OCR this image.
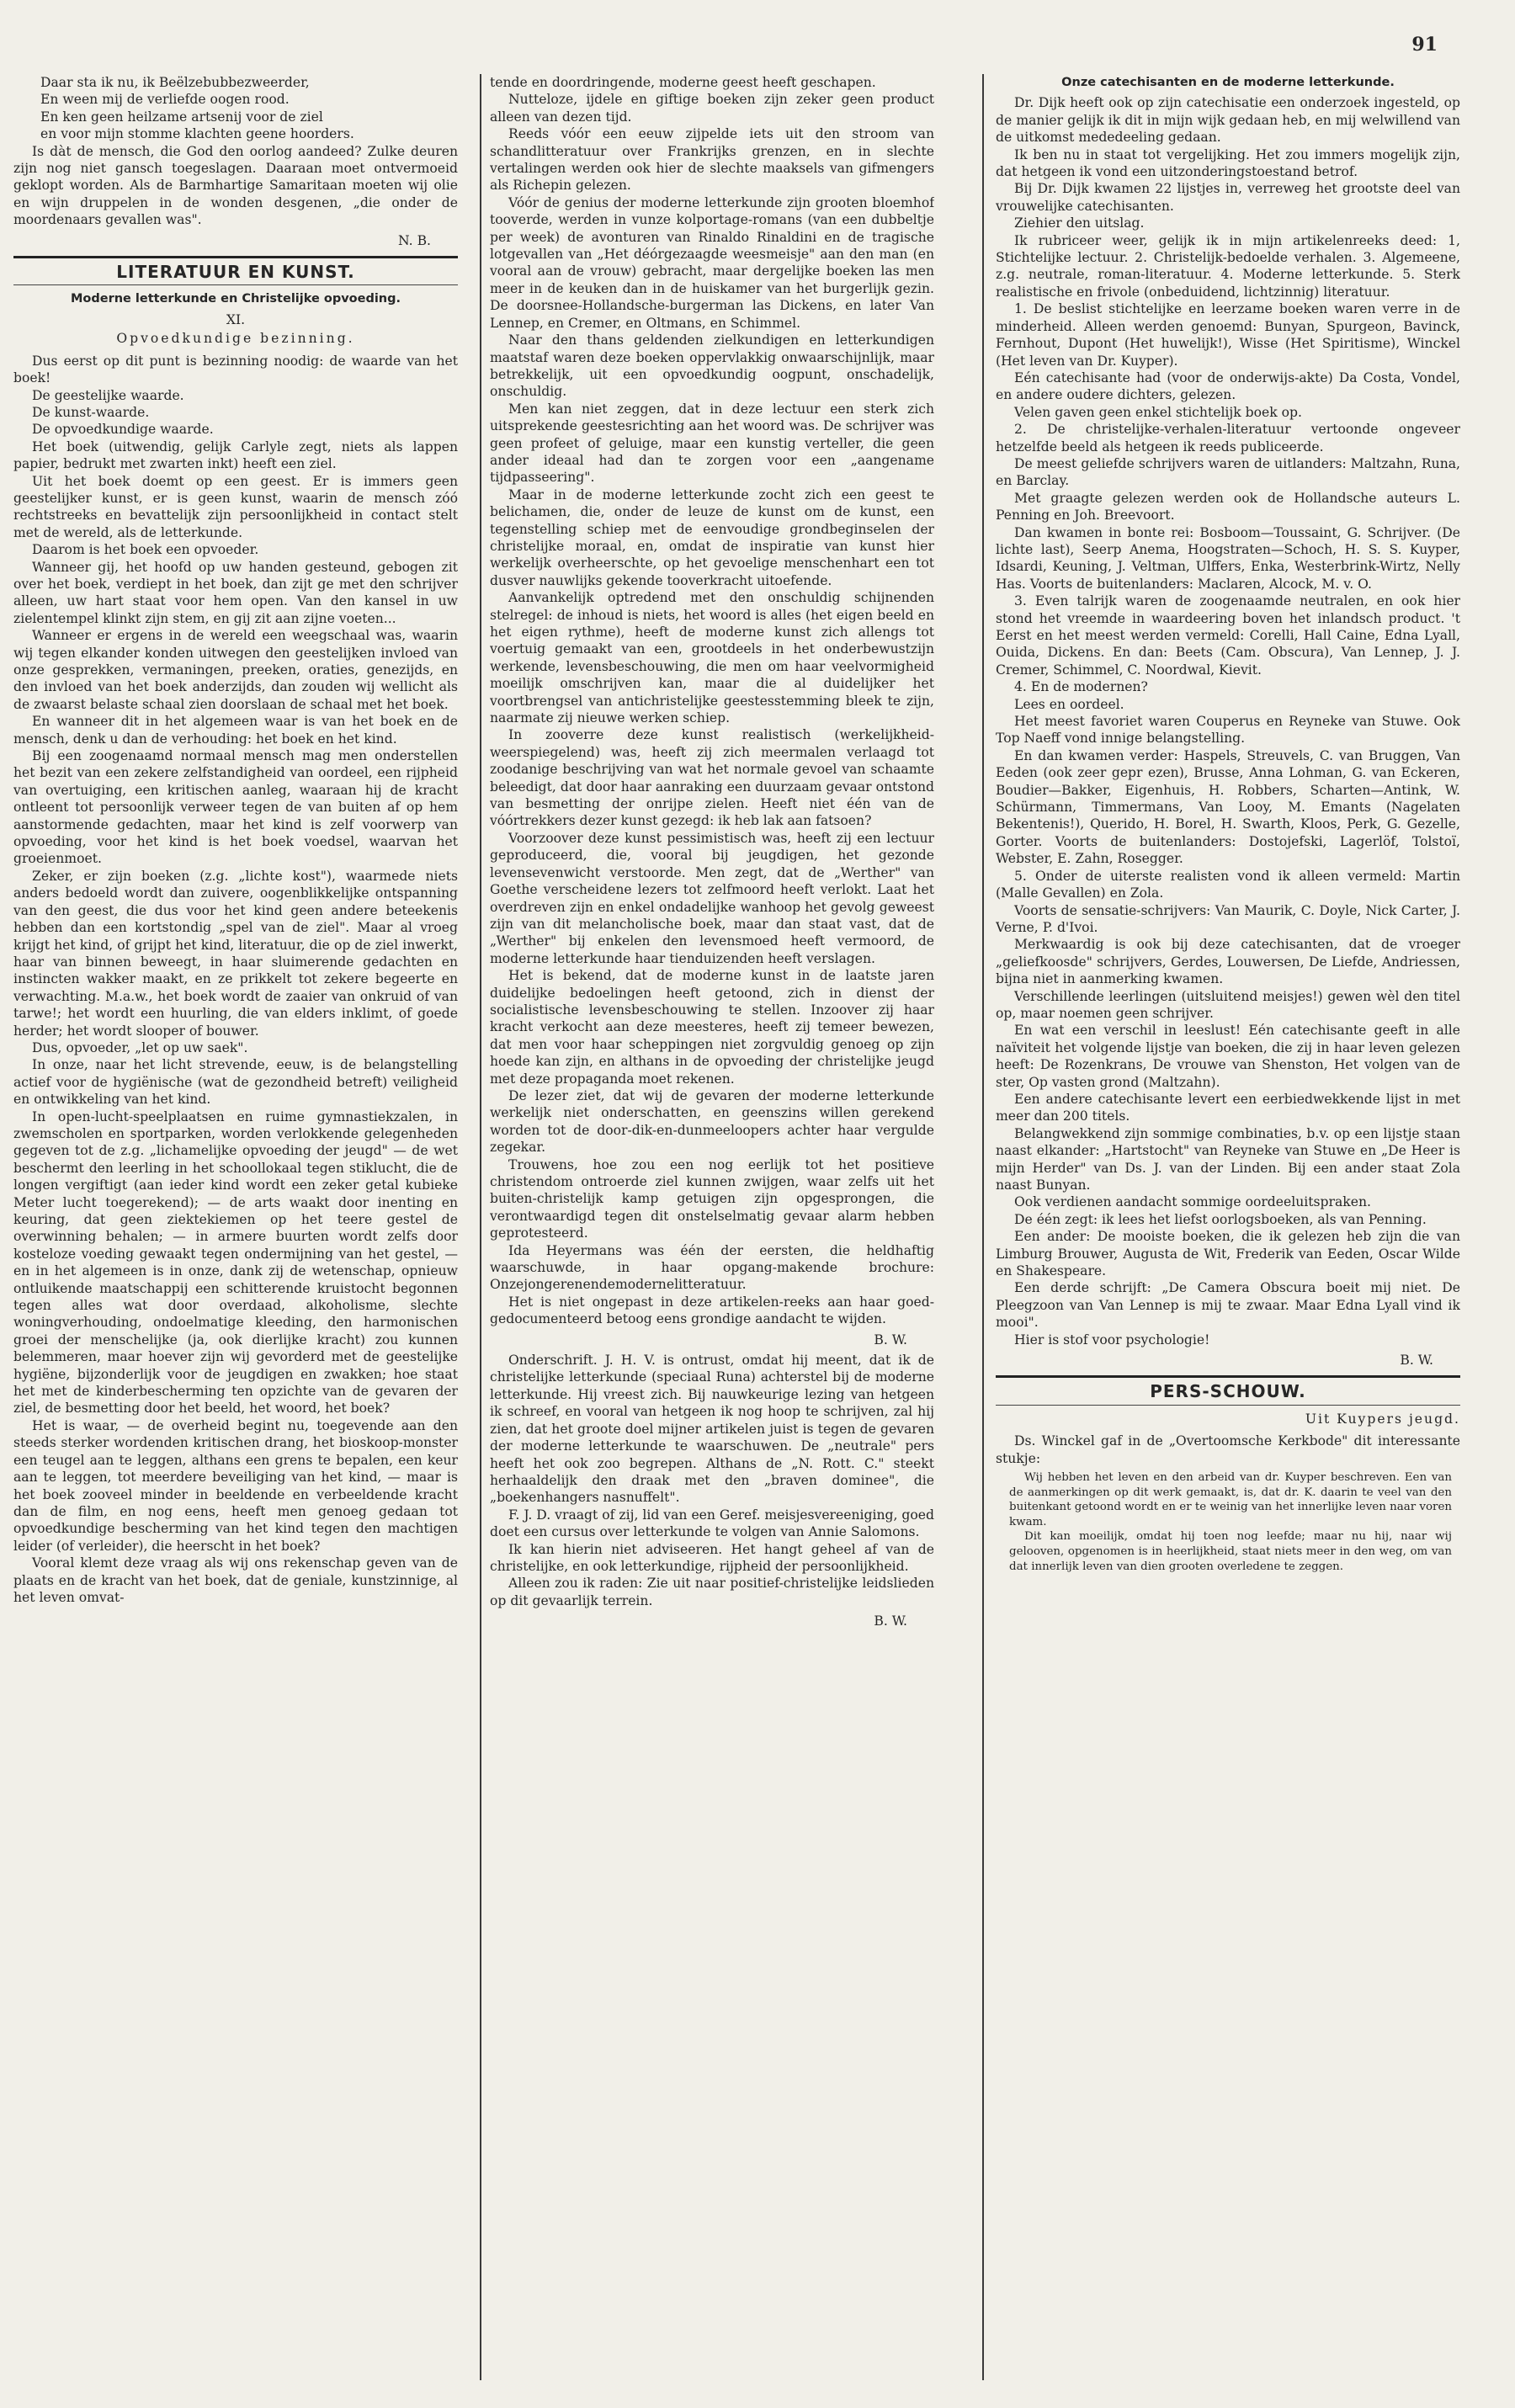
91
Daar sta ik nu, ik Beëlzebubbezweerder,
En ween mij de verliefde oogen rood.
En ken geen heilzame artsenij voor de ziel
en voor mijn stomme klachten geene hoorders.

Is dàt de mensch, die God den oorlog aandeed? Zulke deuren zijn nog niet gansch toegeslagen. Daaraan moet ontvermoeid geklopt worden. Als de Barmhartige Samaritaan moeten wij olie en wijn druppelen in de wonden desgenen, „die onder de moordenaars gevallen was".

N. B.
LITERATUUR EN KUNST.
Moderne letterkunde en Christelijke opvoeding.
XI.
Opvoedkundige bezinning.

Dus eerst op dit punt is bezinning noodig: de waarde van het boek!

De geestelijke waarde.

De kunst-waarde.

De opvoedkundige waarde.

Het boek (uitwendig, gelijk Carlyle zegt, niets als lappen papier, bedrukt met zwarten inkt) heeft een ziel.

Uit het boek doemt op een geest. Er is immers geen geestelijker kunst, er is geen kunst, waarin de mensch zóó rechtstreeks en bevattelijk zijn persoonlijkheid in contact stelt met de wereld, als de letterkunde.

Daarom is het boek een opvoeder.

Wanneer gij, het hoofd op uw handen gesteund, gebogen zit over het boek, verdiept in het boek, dan zijt ge met den schrijver alleen, uw hart staat voor hem open. Van den kansel in uw zielentempel klinkt zijn stem, en gij zit aan zijne voeten...

Wanneer er ergens in de wereld een weegschaal was, waarin wij tegen elkander konden uitwegen den geestelijken invloed van onze gesprekken, vermaningen, preeken, oraties, genezijds, en den invloed van het boek anderzijds, dan zouden wij wellicht als de zwaarst belaste schaal zien doorslaan de schaal met het boek.

En wanneer dit in het algemeen waar is van het boek en de mensch, denk u dan de verhouding: het boek en het kind.

Bij een zoogenaamd normaal mensch mag men onderstellen het bezit van een zekere zelfstandigheid van oordeel, een rijpheid van overtuiging, een kritischen aanleg, waaraan hij de kracht ontleent tot persoonlijk verweer tegen de van buiten af op hem aanstormende gedachten, maar het kind is zelf voorwerp van opvoeding, voor het kind is het boek voedsel, waarvan het groeienmoet.

Zeker, er zijn boeken (z.g. „lichte kost"), waarmede niets anders bedoeld wordt dan zuivere, oogenblikkelijke ontspanning van den geest, die dus voor het kind geen andere beteekenis hebben dan een kortstondig „spel van de ziel". Maar al vroeg krijgt het kind, of grijpt het kind, literatuur, die op de ziel inwerkt, haar van binnen beweegt, in haar sluimerende gedachten en instincten wakker maakt, en ze prikkelt tot zekere begeerte en verwachting. M.a.w., het boek wordt de zaaier van onkruid of van tarwe!; het wordt een huurling, die van elders inklimt, of goede herder; het wordt slooper of bouwer.

Dus, opvoeder, „let op uw saek".

In onze, naar het licht strevende, eeuw, is de belangstelling actief voor de hygiënische (wat de gezondheid betreft) veiligheid en ontwikkeling van het kind.

In open-lucht-speelplaatsen en ruime gymnastiekzalen, in zwemscholen en sportparken, worden verlokkende gelegenheden gegeven tot de z.g. „lichamelijke opvoeding der jeugd" — de wet beschermt den leerling in het schoollokaal tegen stiklucht, die de longen vergiftigt (aan ieder kind wordt een zeker getal kubieke Meter lucht toegerekend); — de arts waakt door inenting en keuring, dat geen ziektekiemen op het teere gestel de overwinning behalen; — in armere buurten wordt zelfs door kosteloze voeding gewaakt tegen ondermijning van het gestel, — en in het algemeen is in onze, dank zij de wetenschap, opnieuw ontluikende maatschappij een schitterende kruistocht begonnen tegen alles wat door overdaad, alkoholisme, slechte woningverhouding, ondoelmatige kleeding, den harmonischen groei der menschelijke (ja, ook dierlijke kracht) zou kunnen belemmeren, maar hoever zijn wij gevorderd met de geestelijke hygiëne, bijzonderlijk voor de jeugdigen en zwakken; hoe staat het met de kinderbescherming ten opzichte van de gevaren der ziel, de besmetting door het beeld, het woord, het boek?

Het is waar, — de overheid begint nu, toegevende aan den steeds sterker wordenden kritischen drang, het bioskoop-monster een teugel aan te leggen, althans een grens te bepalen, een keur aan te leggen, tot meerdere beveiliging van het kind, — maar is het boek zooveel minder in beeldende en verbeeldende kracht dan de film, en nog eens, heeft men genoeg gedaan tot opvoedkundige bescherming van het kind tegen den machtigen leider (of verleider), die heerscht in het boek?

Vooral klemt deze vraag als wij ons rekenschap geven van de plaats en de kracht van het boek, dat de geniale, kunstzinnige, al het leven omvat-

tende en doordringende, moderne geest heeft geschapen.

Nutteloze, ijdele en giftige boeken zijn zeker geen product alleen van dezen tijd.

Reeds vóór een eeuw zijpelde iets uit den stroom van schandlitteratuur over Frankrijks grenzen, en in slechte vertalingen werden ook hier de slechte maaksels van gifmengers als Richepin gelezen.

Vóór de genius der moderne letterkunde zijn grooten bloemhof tooverde, werden in vunze kolportage-romans (van een dubbeltje per week) de avonturen van Rinaldo Rinaldini en de tragische lotgevallen van „Het déórgezaagde weesmeisje" aan den man (en vooral aan de vrouw) gebracht, maar dergelijke boeken las men meer in de keuken dan in de huiskamer van het burgerlijk gezin. De doorsnee-Hollandsche-burgerman las Dickens, en later Van Lennep, en Cremer, en Oltmans, en Schimmel.

Naar den thans geldenden zielkundigen en letterkundigen maatstaf waren deze boeken oppervlakkig onwaarschijnlijk, maar betrekkelijk, uit een opvoedkundig oogpunt, onschadelijk, onschuldig.

Men kan niet zeggen, dat in deze lectuur een sterk zich uitsprekende geestesrichting aan het woord was. De schrijver was geen profeet of geluige, maar een kunstig verteller, die geen ander ideaal had dan te zorgen voor een „aangename tijdpasseering".

Maar in de moderne letterkunde zocht zich een geest te belichamen, die, onder de leuze de kunst om de kunst, een tegenstelling schiep met de eenvoudige grondbeginselen der christelijke moraal, en, omdat de inspiratie van kunst hier werkelijk overheerschte, op het gevoelige menschenhart een tot dusver nauwlijks gekende tooverkracht uitoefende.

Aanvankelijk optredend met den onschuldig schijnenden stelregel: de inhoud is niets, het woord is alles (het eigen beeld en het eigen rythme), heeft de moderne kunst zich allengs tot voertuig gemaakt van een, grootdeels in het onderbewustzijn werkende, levensbeschouwing, die men om haar veelvormigheid moeilijk omschrijven kan, maar die al duidelijker het voortbrengsel van antichristelijke geestesstemming bleek te zijn, naarmate zij nieuwe werken schiep.

In zooverre deze kunst realistisch (werkelijkheid-weerspiegelend) was, heeft zij zich meermalen verlaagd tot zoodanige beschrijving van wat het normale gevoel van schaamte beleedigt, dat door haar aanraking een duurzaam gevaar ontstond van besmetting der onrijpe zielen. Heeft niet één van de vóórtrekkers dezer kunst gezegd: ik heb lak aan fatsoen?

Voorzoover deze kunst pessimistisch was, heeft zij een lectuur geproduceerd, die, vooral bij jeugdigen, het gezonde levensevenwicht verstoorde. Men zegt, dat de „Werther" van Goethe verscheidene lezers tot zelfmoord heeft verlokt. Laat het overdreven zijn en enkel ondadelijke wanhoop het gevolg geweest zijn van dit melancholische boek, maar dan staat vast, dat de „Werther" bij enkelen den levensmoed heeft vermoord, de moderne letterkunde haar tienduizenden heeft verslagen.

Het is bekend, dat de moderne kunst in de laatste jaren duidelijke bedoelingen heeft getoond, zich in dienst der socialistische levensbeschouwing te stellen. Inzoover zij haar kracht verkocht aan deze meesteres, heeft zij temeer bewezen, dat men voor haar scheppingen niet zorgvuldig genoeg op zijn hoede kan zijn, en althans in de opvoeding der christelijke jeugd met deze propaganda moet rekenen.

De lezer ziet, dat wij de gevaren der moderne letterkunde werkelijk niet onderschatten, en geenszins willen gerekend worden tot de door-dik-en-dunmeeloopers achter haar vergulde zegekar.

Trouwens, hoe zou een nog eerlijk tot het positieve christendom ontroerde ziel kunnen zwijgen, waar zelfs uit het buiten-christelijk kamp getuigen zijn opgesprongen, die verontwaardigd tegen dit onstelselmatig gevaar alarm hebben geprotesteerd.

Ida Heyermans was één der eersten, die heldhaftig waarschuwde, in haar opgang-makende brochure: Onzejongerenendemodernelitteratuur.

Het is niet ongepast in deze artikelen-reeks aan haar goed-gedocumenteerd betoog eens grondige aandacht te wijden.

B. W.

Onderschrift. J. H. V. is ontrust, omdat hij meent, dat ik de christelijke letterkunde (speciaal Runa) achterstel bij de moderne letterkunde. Hij vreest zich. Bij nauwkeurige lezing van hetgeen ik schreef, en vooral van hetgeen ik nog hoop te schrijven, zal hij zien, dat het groote doel mijner artikelen juist is tegen de gevaren der moderne letterkunde te waarschuwen. De „neutrale" pers heeft het ook zoo begrepen. Althans de „N. Rott. C." steekt herhaaldelijk den draak met den „braven dominee", die „boekenhangers nasnuffelt".

F. J. D. vraagt of zij, lid van een Geref. meisjesvereeniging, goed doet een cursus over letterkunde te volgen van Annie Salomons.

Ik kan hierin niet adviseeren. Het hangt geheel af van de christelijke, en ook letterkundige, rijpheid der persoonlijkheid.

Alleen zou ik raden: Zie uit naar positief-christelijke leidslieden op dit gevaarlijk terrein.

B. W.
Onze catechisanten en de moderne letterkunde.

Dr. Dijk heeft ook op zijn catechisatie een onderzoek ingesteld, op de manier gelijk ik dit in mijn wijk gedaan heb, en mij welwillend van de uitkomst mededeeling gedaan.

Ik ben nu in staat tot vergelijking. Het zou immers mogelijk zijn, dat hetgeen ik vond een uitzonderingstoestand betrof.

Bij Dr. Dijk kwamen 22 lijstjes in, verreweg het grootste deel van vrouwelijke catechisanten.

Ziehier den uitslag.

Ik rubriceer weer, gelijk ik in mijn artikelenreeks deed: 1, Stichtelijke lectuur. 2. Christelijk-bedoelde verhalen. 3. Algemeene, z.g. neutrale, roman-literatuur. 4. Moderne letterkunde. 5. Sterk realistische en frivole (onbeduidend, lichtzinnig) literatuur.

1. De beslist stichtelijke en leerzame boeken waren verre in de minderheid. Alleen werden genoemd: Bunyan, Spurgeon, Bavinck, Fernhout, Dupont (Het huwelijk!), Wisse (Het Spiritisme), Winckel (Het leven van Dr. Kuyper).

Eén catechisante had (voor de onderwijs-akte) Da Costa, Vondel, en andere oudere dichters, gelezen.

Velen gaven geen enkel stichtelijk boek op.

2. De christelijke-verhalen-literatuur vertoonde ongeveer hetzelfde beeld als hetgeen ik reeds publiceerde.

De meest geliefde schrijvers waren de uitlanders: Maltzahn, Runa, en Barclay.

Met graagte gelezen werden ook de Hollandsche auteurs L. Penning en Joh. Breevoort.

Dan kwamen in bonte rei: Bosboom—Toussaint, G. Schrijver. (De lichte last), Seerp Anema, Hoogstraten—Schoch, H. S. S. Kuyper, Idsardi, Keuning, J. Veltman, Ulffers, Enka, Westerbrink-Wirtz, Nelly Has. Voorts de buitenlanders: Maclaren, Alcock, M. v. O.

3. Even talrijk waren de zoogenaamde neutralen, en ook hier stond het vreemde in waardeering boven het inlandsch product. 't Eerst en het meest werden vermeld: Corelli, Hall Caine, Edna Lyall, Ouida, Dickens. En dan: Beets (Cam. Obscura), Van Lennep, J. J. Cremer, Schimmel, C. Noordwal, Kievit.

4. En de modernen?

Lees en oordeel.

Het meest favoriet waren Couperus en Reyneke van Stuwe. Ook Top Naeff vond innige belangstelling.

En dan kwamen verder: Haspels, Streuvels, C. van Bruggen, Van Eeden (ook zeer gepr ezen), Brusse, Anna Lohman, G. van Eckeren, Boudier—Bakker, Eigenhuis, H. Robbers, Scharten—Antink, W. Schürmann, Timmermans, Van Looy, M. Emants (Nagelaten Bekentenis!), Querido, H. Borel, H. Swarth, Kloos, Perk, G. Gezelle, Gorter. Voorts de buitenlanders: Dostojefski, Lagerlöf, Tolstoï, Webster, E. Zahn, Rosegger.

5. Onder de uiterste realisten vond ik alleen vermeld: Martin (Malle Gevallen) en Zola.

Voorts de sensatie-schrijvers: Van Maurik, C. Doyle, Nick Carter, J. Verne, P. d'Ivoi.

Merkwaardig is ook bij deze catechisanten, dat de vroeger „geliefkoosde" schrijvers, Gerdes, Louwersen, De Liefde, Andriessen, bijna niet in aanmerking kwamen.

Verschillende leerlingen (uitsluitend meisjes!) gewen wèl den titel op, maar noemen geen schrijver.

En wat een verschil in leeslust! Eén catechisante geeft in alle naïviteit het volgende lijstje van boeken, die zij in haar leven gelezen heeft: De Rozenkrans, De vrouwe van Shenston, Het volgen van de ster, Op vasten grond (Maltzahn).

Een andere catechisante levert een eerbiedwekkende lijst in met meer dan 200 titels.

Belangwekkend zijn sommige combinaties, b.v. op een lijstje staan naast elkander: „Hartstocht" van Reyneke van Stuwe en „De Heer is mijn Herder" van Ds. J. van der Linden. Bij een ander staat Zola naast Bunyan.

Ook verdienen aandacht sommige oordeeluitspraken.

De één zegt: ik lees het liefst oorlogsboeken, als van Penning.

Een ander: De mooiste boeken, die ik gelezen heb zijn die van Limburg Brouwer, Augusta de Wit, Frederik van Eeden, Oscar Wilde en Shakespeare.

Een derde schrijft: „De Camera Obscura boeit mij niet. De Pleegzoon van Van Lennep is mij te zwaar. Maar Edna Lyall vind ik mooi".

Hier is stof voor psychologie!

B. W.
PERS-SCHOUW.
Uit Kuypers jeugd.

Ds. Winckel gaf in de „Overtoomsche Kerkbode" dit interessante stukje:

Wij hebben het leven en den arbeid van dr. Kuyper beschreven. Een van de aanmerkingen op dit werk gemaakt, is, dat dr. K. daarin te veel van den buitenkant getoond wordt en er te weinig van het innerlijke leven naar voren kwam.

Dit kan moeilijk, omdat hij toen nog leefde; maar nu hij, naar wij gelooven, opgenomen is in heerlijkheid, staat niets meer in den weg, om van dat innerlijk leven van dien grooten overledene te zeggen.
